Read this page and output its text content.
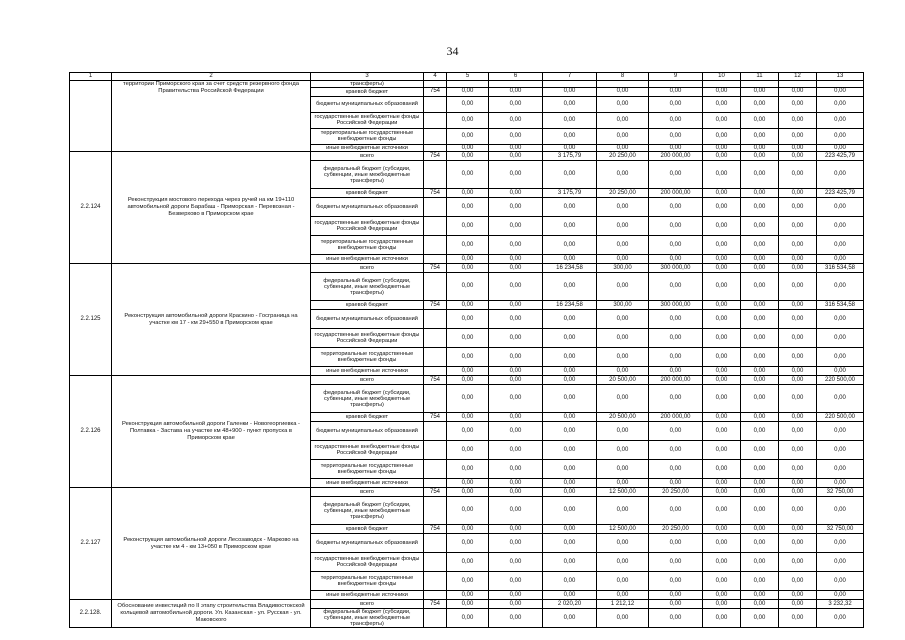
34
1	2	3	4	5	6	7	8	9	10	11	12	13
	территории Приморского края за счет средств резервного фонда Правительства Российской Федерации	трансферты)										
		краевой бюджет	754	0,00	0,00	0,00	0,00	0,00	0,00	0,00	0,00	0,00
		бюджеты муниципальных образований		0,00	0,00	0,00	0,00	0,00	0,00	0,00	0,00	0,00
		государственные внебюджетные фонды Российской Федерации		0,00	0,00	0,00	0,00	0,00	0,00	0,00	0,00	0,00
		территориальные государственные внебюджетные фонды		0,00	0,00	0,00	0,00	0,00	0,00	0,00	0,00	0,00
		иные внебюджетные источники		0,00	0,00	0,00	0,00	0,00	0,00	0,00	0,00	0,00
2.2.124	Реконструкция мостового перехода через ручей на км 19+110 автомобильной дороги Барабаш - Приморская - Перевозная - Безверхово в Приморском крае	всего	754	0,00	0,00	3 175,79	20 250,00	200 000,00	0,00	0,00	0,00	223 425,79
		федеральный бюджет (субсидии, субвенции, иные межбюджетные трансферты)		0,00	0,00	0,00	0,00	0,00	0,00	0,00	0,00	0,00
		краевой бюджет	754	0,00	0,00	3 175,79	20 250,00	200 000,00	0,00	0,00	0,00	223 425,79
		бюджеты муниципальных образований		0,00	0,00	0,00	0,00	0,00	0,00	0,00	0,00	0,00
		государственные внебюджетные фонды Российской Федерации		0,00	0,00	0,00	0,00	0,00	0,00	0,00	0,00	0,00
		территориальные государственные внебюджетные фонды		0,00	0,00	0,00	0,00	0,00	0,00	0,00	0,00	0,00
		иные внебюджетные источники		0,00	0,00	0,00	0,00	0,00	0,00	0,00	0,00	0,00
2.2.125	Реконструкция автомобильной дороги Краскино - Госграница на участке км 17 - км 29+550 в Приморском крае	всего	754	0,00	0,00	16 234,58	300,00	300 000,00	0,00	0,00	0,00	316 534,58
		федеральный бюджет (субсидии, субвенции, иные межбюджетные трансферты)		0,00	0,00	0,00	0,00	0,00	0,00	0,00	0,00	0,00
		краевой бюджет	754	0,00	0,00	16 234,58	300,00	300 000,00	0,00	0,00	0,00	316 534,58
		бюджеты муниципальных образований		0,00	0,00	0,00	0,00	0,00	0,00	0,00	0,00	0,00
		государственные внебюджетные фонды Российской Федерации		0,00	0,00	0,00	0,00	0,00	0,00	0,00	0,00	0,00
		территориальные государственные внебюджетные фонды		0,00	0,00	0,00	0,00	0,00	0,00	0,00	0,00	0,00
		иные внебюджетные источники		0,00	0,00	0,00	0,00	0,00	0,00	0,00	0,00	0,00
2.2.126	Реконструкция автомобильной дороги Галенки - Новогеоргиевка - Полтавка - Застава на участке км 48+900 - пункт пропуска в Приморском крае	всего	754	0,00	0,00	0,00	20 500,00	200 000,00	0,00	0,00	0,00	220 500,00
		федеральный бюджет (субсидии, субвенции, иные межбюджетные трансферты)		0,00	0,00	0,00	0,00	0,00	0,00	0,00	0,00	0,00
		краевой бюджет	754	0,00	0,00	0,00	20 500,00	200 000,00	0,00	0,00	0,00	220 500,00
		бюджеты муниципальных образований		0,00	0,00	0,00	0,00	0,00	0,00	0,00	0,00	0,00
		государственные внебюджетные фонды Российской Федерации		0,00	0,00	0,00	0,00	0,00	0,00	0,00	0,00	0,00
		территориальные государственные внебюджетные фонды		0,00	0,00	0,00	0,00	0,00	0,00	0,00	0,00	0,00
		иные внебюджетные источники		0,00	0,00	0,00	0,00	0,00	0,00	0,00	0,00	0,00
2.2.127	Реконструкция автомобильной дороги Лесозаводск - Марково на участке км 4 - км 13+050 в Приморском крае	всего	754	0,00	0,00	0,00	12 500,00	20 250,00	0,00	0,00	0,00	32 750,00
		федеральный бюджет (субсидии, субвенции, иные межбюджетные трансферты)		0,00	0,00	0,00	0,00	0,00	0,00	0,00	0,00	0,00
		краевой бюджет	754	0,00	0,00	0,00	12 500,00	20 250,00	0,00	0,00	0,00	32 750,00
		бюджеты муниципальных образований		0,00	0,00	0,00	0,00	0,00	0,00	0,00	0,00	0,00
		государственные внебюджетные фонды Российской Федерации		0,00	0,00	0,00	0,00	0,00	0,00	0,00	0,00	0,00
		территориальные государственные внебюджетные фонды		0,00	0,00	0,00	0,00	0,00	0,00	0,00	0,00	0,00
		иные внебюджетные источники		0,00	0,00	0,00	0,00	0,00	0,00	0,00	0,00	0,00
2.2.128.	Обоснование инвестиций по II этапу строительства Владивостокской кольцевой автомобильной дороги. Ул. Казанская - ул. Русская - ул. Маковского	всего	754	0,00	0,00	2 020,20	1 212,12	0,00	0,00	0,00	0,00	3 232,32
		федеральный бюджет (субсидии, субвенции, иные межбюджетные трансферты)		0,00	0,00	0,00	0,00	0,00	0,00	0,00	0,00	0,00
